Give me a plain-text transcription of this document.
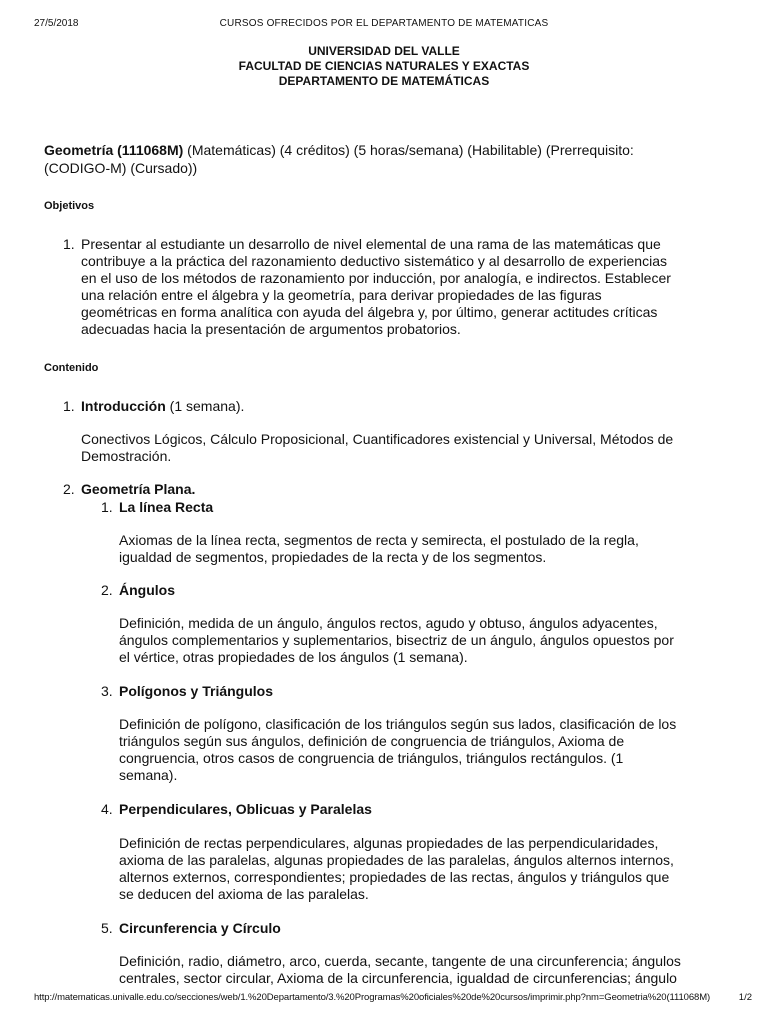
27/5/2018	CURSOS OFRECIDOS POR EL DEPARTAMENTO DE MATEMATICAS
UNIVERSIDAD DEL VALLE
FACULTAD DE CIENCIAS NATURALES Y EXACTAS
DEPARTAMENTO DE MATEMÁTICAS
Geometría (111068M) (Matemáticas) (4 créditos) (5 horas/semana) (Habilitable) (Prerrequisito:
(CODIGO-M) (Cursado))
Objetivos
1. Presentar al estudiante un desarrollo de nivel elemental de una rama de las matemáticas que
contribuye a la práctica del razonamiento deductivo sistemático y al desarrollo de experiencias
en el uso de los métodos de razonamiento por inducción, por analogía, e indirectos. Establecer
una relación entre el álgebra y la geometría, para derivar propiedades de las figuras
geométricas en forma analítica con ayuda del álgebra y, por último, generar actitudes críticas
adecuadas hacia la presentación de argumentos probatorios.
Contenido
1. Introducción (1 semana).
Conectivos Lógicos, Cálculo Proposicional, Cuantificadores existencial y Universal, Métodos de
Demostración.
2. Geometría Plana.
1. La línea Recta
Axiomas de la línea recta, segmentos de recta y semirecta, el postulado de la regla,
igualdad de segmentos, propiedades de la recta y de los segmentos.
2. Ángulos
Definición, medida de un ángulo, ángulos rectos, agudo y obtuso, ángulos adyacentes,
ángulos complementarios y suplementarios, bisectriz de un ángulo, ángulos opuestos por
el vértice, otras propiedades de los ángulos (1 semana).
3. Polígonos y Triángulos
Definición de polígono, clasificación de los triángulos según sus lados, clasificación de los
triángulos según sus ángulos, definición de congruencia de triángulos, Axioma de
congruencia, otros casos de congruencia de triángulos, triángulos rectángulos. (1
semana).
4. Perpendiculares, Oblicuas y Paralelas
Definición de rectas perpendiculares, algunas propiedades de las perpendicularidades,
axioma de las paralelas, algunas propiedades de las paralelas, ángulos alternos internos,
alternos externos, correspondientes; propiedades de las rectas, ángulos y triángulos que
se deducen del axioma de las paralelas.
5. Circunferencia y Círculo
Definición, radio, diámetro, arco, cuerda, secante, tangente de una circunferencia; ángulos
centrales, sector circular, Axioma de la circunferencia, igualdad de circunferencias; ángulo
http://matematicas.univalle.edu.co/secciones/web/1.%20Departamento/3.%20Programas%20oficiales%20de%20cursos/imprimir.php?nm=Geometria%20(111068M)	1/2
